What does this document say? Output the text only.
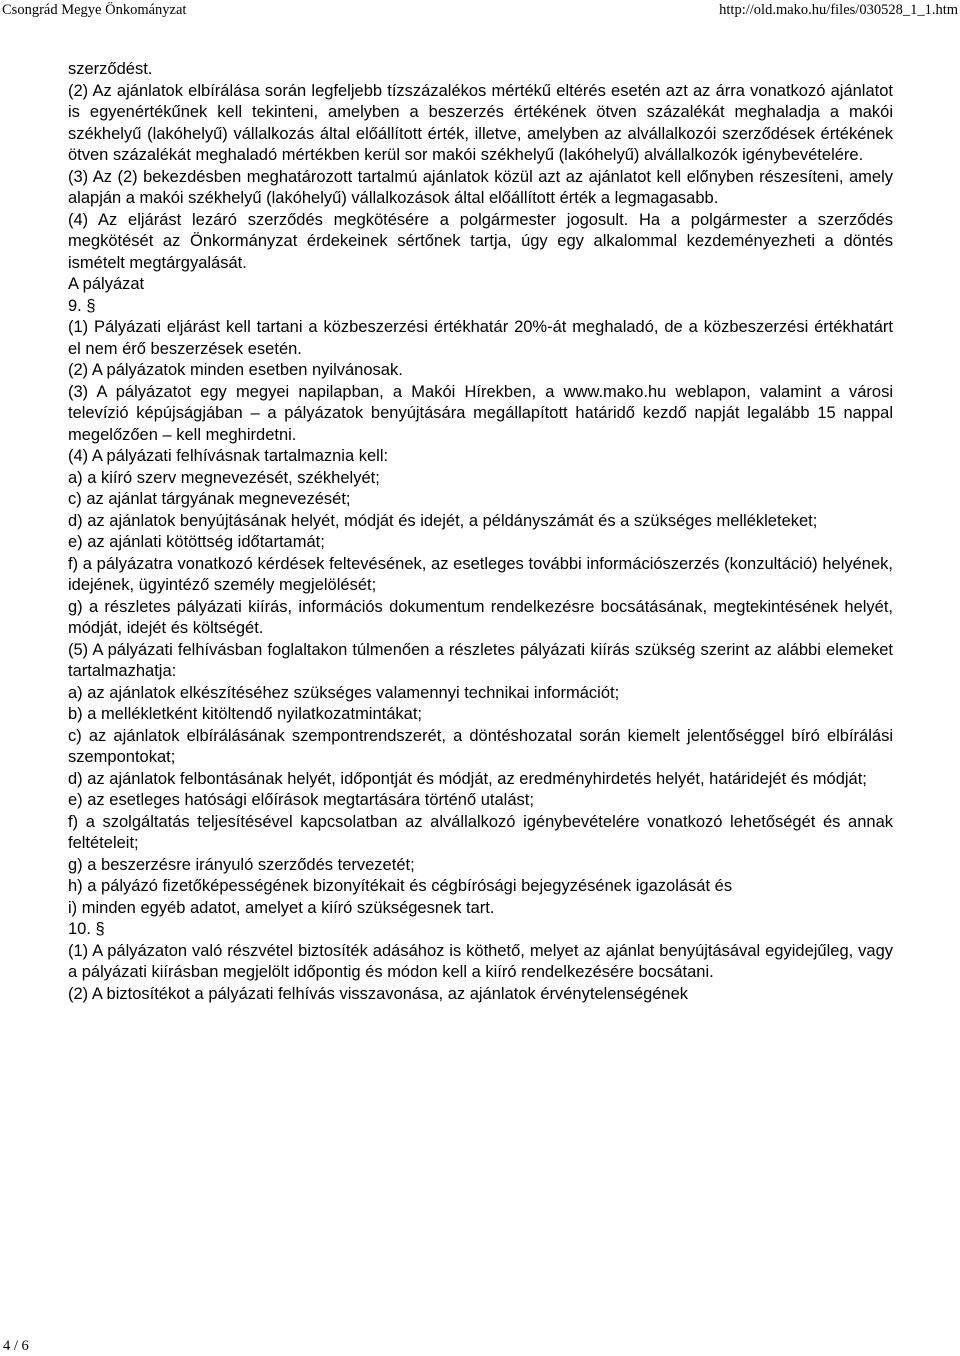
Csongrád Megye Önkományzat	http://old.mako.hu/files/030528_1_1.htm

szerződést.

(2) Az ajánlatok elbírálása során legfeljebb tízszázalékos mértékű eltérés esetén azt az árra vonatkozó ajánlatot is egyenértékűnek kell tekinteni, amelyben a beszerzés értékének ötven százalékát meghaladja a makói székhelyű (lakóhelyű) vállalkozás által előállított érték, illetve, amelyben az alvállalkozói szerződések értékének ötven százalékát meghaladó mértékben kerül sor makói székhelyű (lakóhelyű) alvállalkozók igénybevételére.

(3) Az (2) bekezdésben meghatározott tartalmú ajánlatok közül azt az ajánlatot kell előnyben részesíteni, amely alapján a makói székhelyű (lakóhelyű) vállalkozások által előállított érték a legmagasabb.

(4) Az eljárást lezáró szerződés megkötésére a polgármester jogosult. Ha a polgármester a szerződés megkötését az Önkormányzat érdekeinek sértőnek tartja, úgy egy alkalommal kezdeményezheti a döntés ismételt megtárgyalását.

A pályázat

9. §

(1) Pályázati eljárást kell tartani a közbeszerzési értékhatár 20%-át meghaladó, de a közbeszerzési értékhatárt el nem érő beszerzések esetén.

(2) A pályázatok minden esetben nyilvánosak.

(3) A pályázatot egy megyei napilapban, a Makói Hírekben, a www.mako.hu weblapon, valamint a városi televízió képújságjában – a pályázatok benyújtására megállapított határidő kezdő napját legalább 15 nappal megelőzően – kell meghirdetni.

(4) A pályázati felhívásnak tartalmaznia kell:

a) a kiíró szerv megnevezését, székhelyét;

c) az ajánlat tárgyának megnevezését;

d) az ajánlatok benyújtásának helyét, módját és idejét, a példányszámát és a szükséges mellékleteket;

e) az ajánlati kötöttség időtartamát;

f) a pályázatra vonatkozó kérdések feltevésének, az esetleges további információszerzés (konzultáció) helyének, idejének, ügyintéző személy megjelölését;

g) a részletes pályázati kiírás, információs dokumentum rendelkezésre bocsátásának, megtekintésének helyét, módját, idejét és költségét.

(5) A pályázati felhívásban foglaltakon túlmenően a részletes pályázati kiírás szükség szerint az alábbi elemeket tartalmazhatja:

a) az ajánlatok elkészítéséhez szükséges valamennyi technikai információt;

b) a mellékletként kitöltendő nyilatkozatmintákat;

c) az ajánlatok elbírálásának szempontrendszerét, a döntéshozatal során kiemelt jelentőséggel bíró elbírálási szempontokat;

d) az ajánlatok felbontásának helyét, időpontját és módját, az eredményhirdetés helyét, határidejét és módját;

e) az esetleges hatósági előírások megtartására történő utalást;

f) a szolgáltatás teljesítésével kapcsolatban az alvállalkozó igénybevételére vonatkozó lehetőségét és annak feltételeit;

g) a beszerzésre irányuló szerződés tervezetét;

h) a pályázó fizetőképességének bizonyítékait és cégbírósági bejegyzésének igazolását és

i) minden egyéb adatot, amelyet a kiíró szükségesnek tart.

10. §

(1) A pályázaton való részvétel biztosíték adásához is köthető, melyet az ajánlat benyújtásával egyidejűleg, vagy a pályázati kiírásban megjelölt időpontig és módon kell a kiíró rendelkezésére bocsátani.

(2) A biztosítékot a pályázati felhívás visszavonása, az ajánlatok érvénytelenségének

4 / 6
